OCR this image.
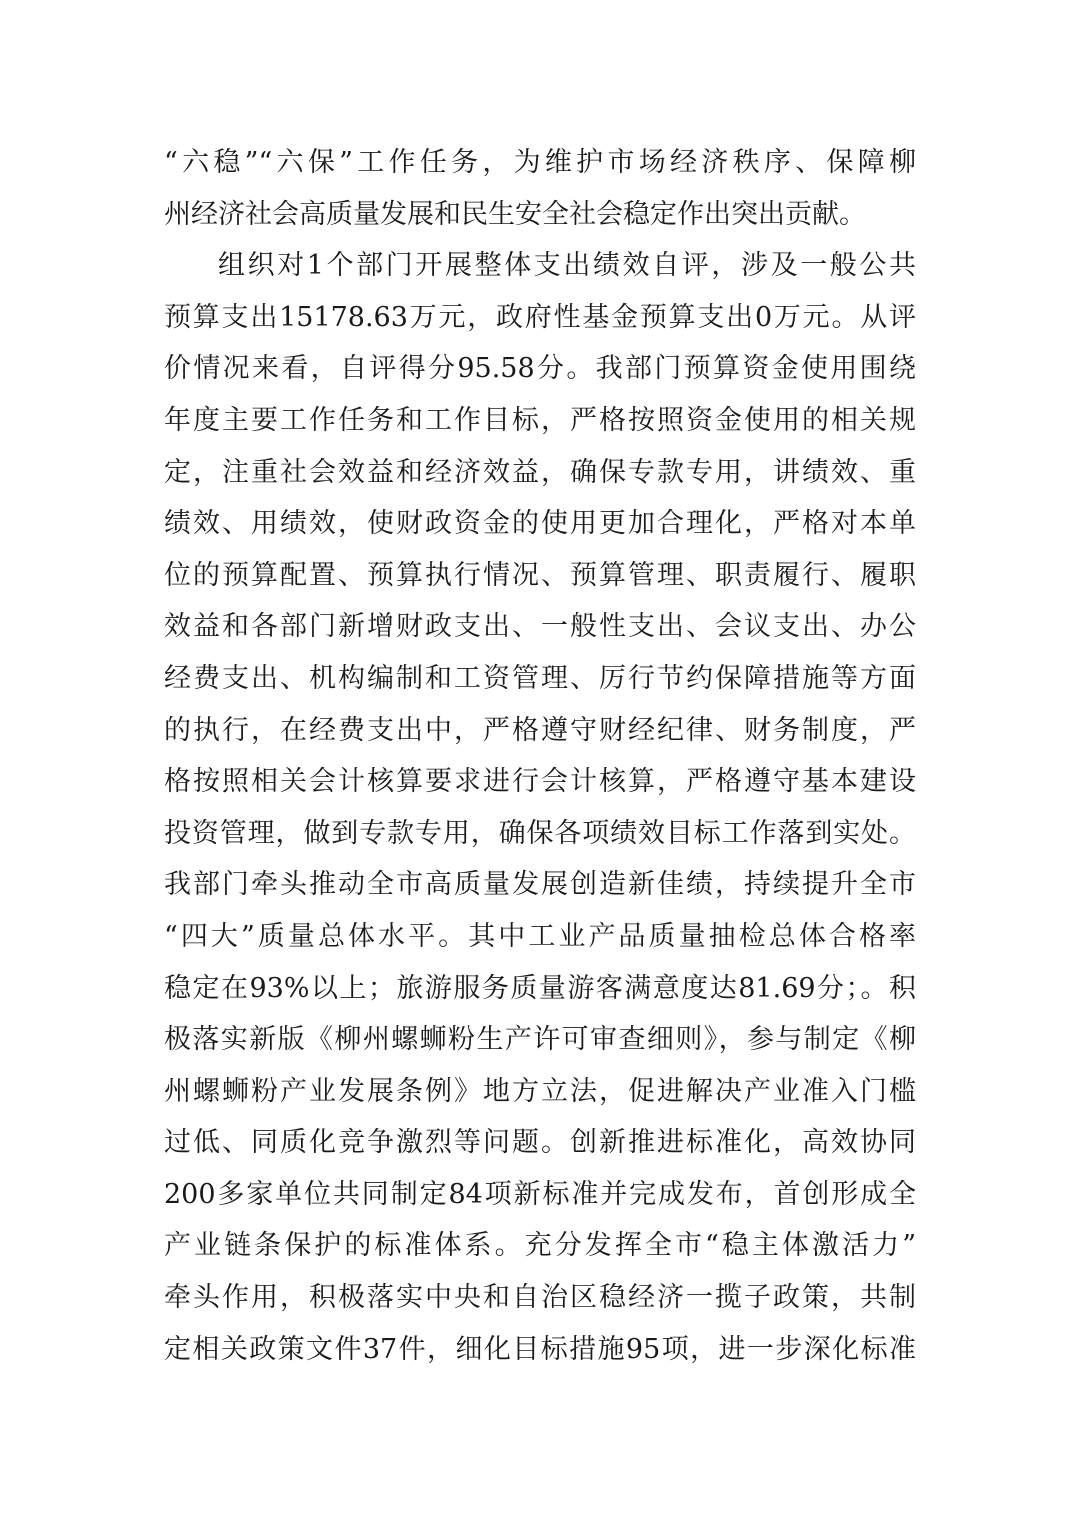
“六稳”“六保”工作任务，为维护市场经济秩序、保障柳
州经济社会高质量发展和民生安全社会稳定作出突出贡献。
组织对1个部门开展整体支出绩效自评，涉及一般公共
预算支出15178.63万元，政府性基金预算支出0万元。从评
价情况来看，自评得分95.58分。我部门预算资金使用围绕
年度主要工作任务和工作目标，严格按照资金使用的相关规
定，注重社会效益和经济效益，确保专款专用，讲绩效、重
绩效、用绩效，使财政资金的使用更加合理化，严格对本单
位的预算配置、预算执行情况、预算管理、职责履行、履职
效益和各部门新增财政支出、一般性支出、会议支出、办公
经费支出、机构编制和工资管理、厉行节约保障措施等方面
的执行，在经费支出中，严格遵守财经纪律、财务制度，严
格按照相关会计核算要求进行会计核算，严格遵守基本建设
投资管理，做到专款专用，确保各项绩效目标工作落到实处。
我部门牵头推动全市高质量发展创造新佳绩，持续提升全市
“四大”质量总体水平。其中工业产品质量抽检总体合格率
稳定在93%以上；旅游服务质量游客满意度达81.69分；。积
极落实新版《柳州螺蛳粉生产许可审查细则》，参与制定《柳
州螺蛳粉产业发展条例》地方立法，促进解决产业准入门槛
过低、同质化竞争激烈等问题。创新推进标准化，高效协同
200多家单位共同制定84项新标准并完成发布，首创形成全
产业链条保护的标准体系。充分发挥全市“稳主体激活力”
牵头作用，积极落实中央和自治区稳经济一揽子政策，共制
定相关政策文件37件，细化目标措施95项，进一步深化标准
